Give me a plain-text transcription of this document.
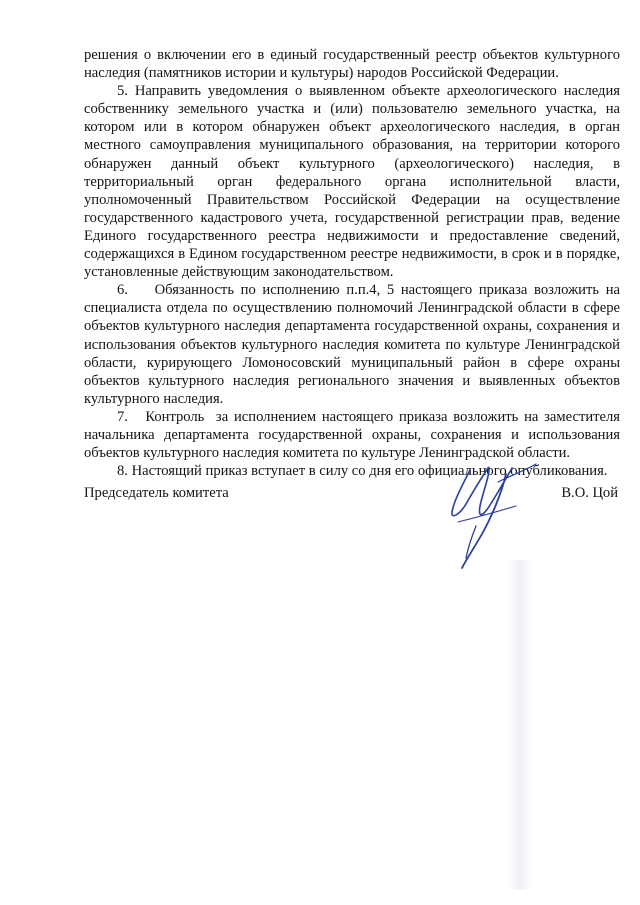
решения о включении его в единый государственный реестр объектов культурного наследия (памятников истории и культуры) народов Российской Федерации.

5. Направить уведомления о выявленном объекте археологического наследия собственнику земельного участка и (или) пользователю земельного участка, на котором или в котором обнаружен объект археологического наследия, в орган местного самоуправления муниципального образования, на территории которого обнаружен данный объект культурного (археологического) наследия, в территориальный орган федерального органа исполнительной власти, уполномоченный Правительством Российской Федерации на осуществление государственного кадастрового учета, государственной регистрации прав, ведение Единого государственного реестра недвижимости и предоставление сведений, содержащихся в Едином государственном реестре недвижимости, в срок и в порядке, установленные действующим законодательством.

6.    Обязанность по исполнению п.п.4, 5 настоящего приказа возложить на специалиста отдела по осуществлению полномочий Ленинградской области в сфере объектов культурного наследия департамента государственной охраны, сохранения и использования объектов культурного наследия комитета по культуре Ленинградской области, курирующего Ломоносовский муниципальный район в сфере охраны объектов культурного наследия регионального значения и выявленных объектов культурного наследия.

7.   Контроль  за исполнением настоящего приказа возложить на заместителя начальника департамента государственной охраны, сохранения и использования объектов культурного наследия комитета по культуре Ленинградской области.

8. Настоящий приказ вступает в силу со дня его официального опубликования.

Председатель комитета	В.О. Цой
